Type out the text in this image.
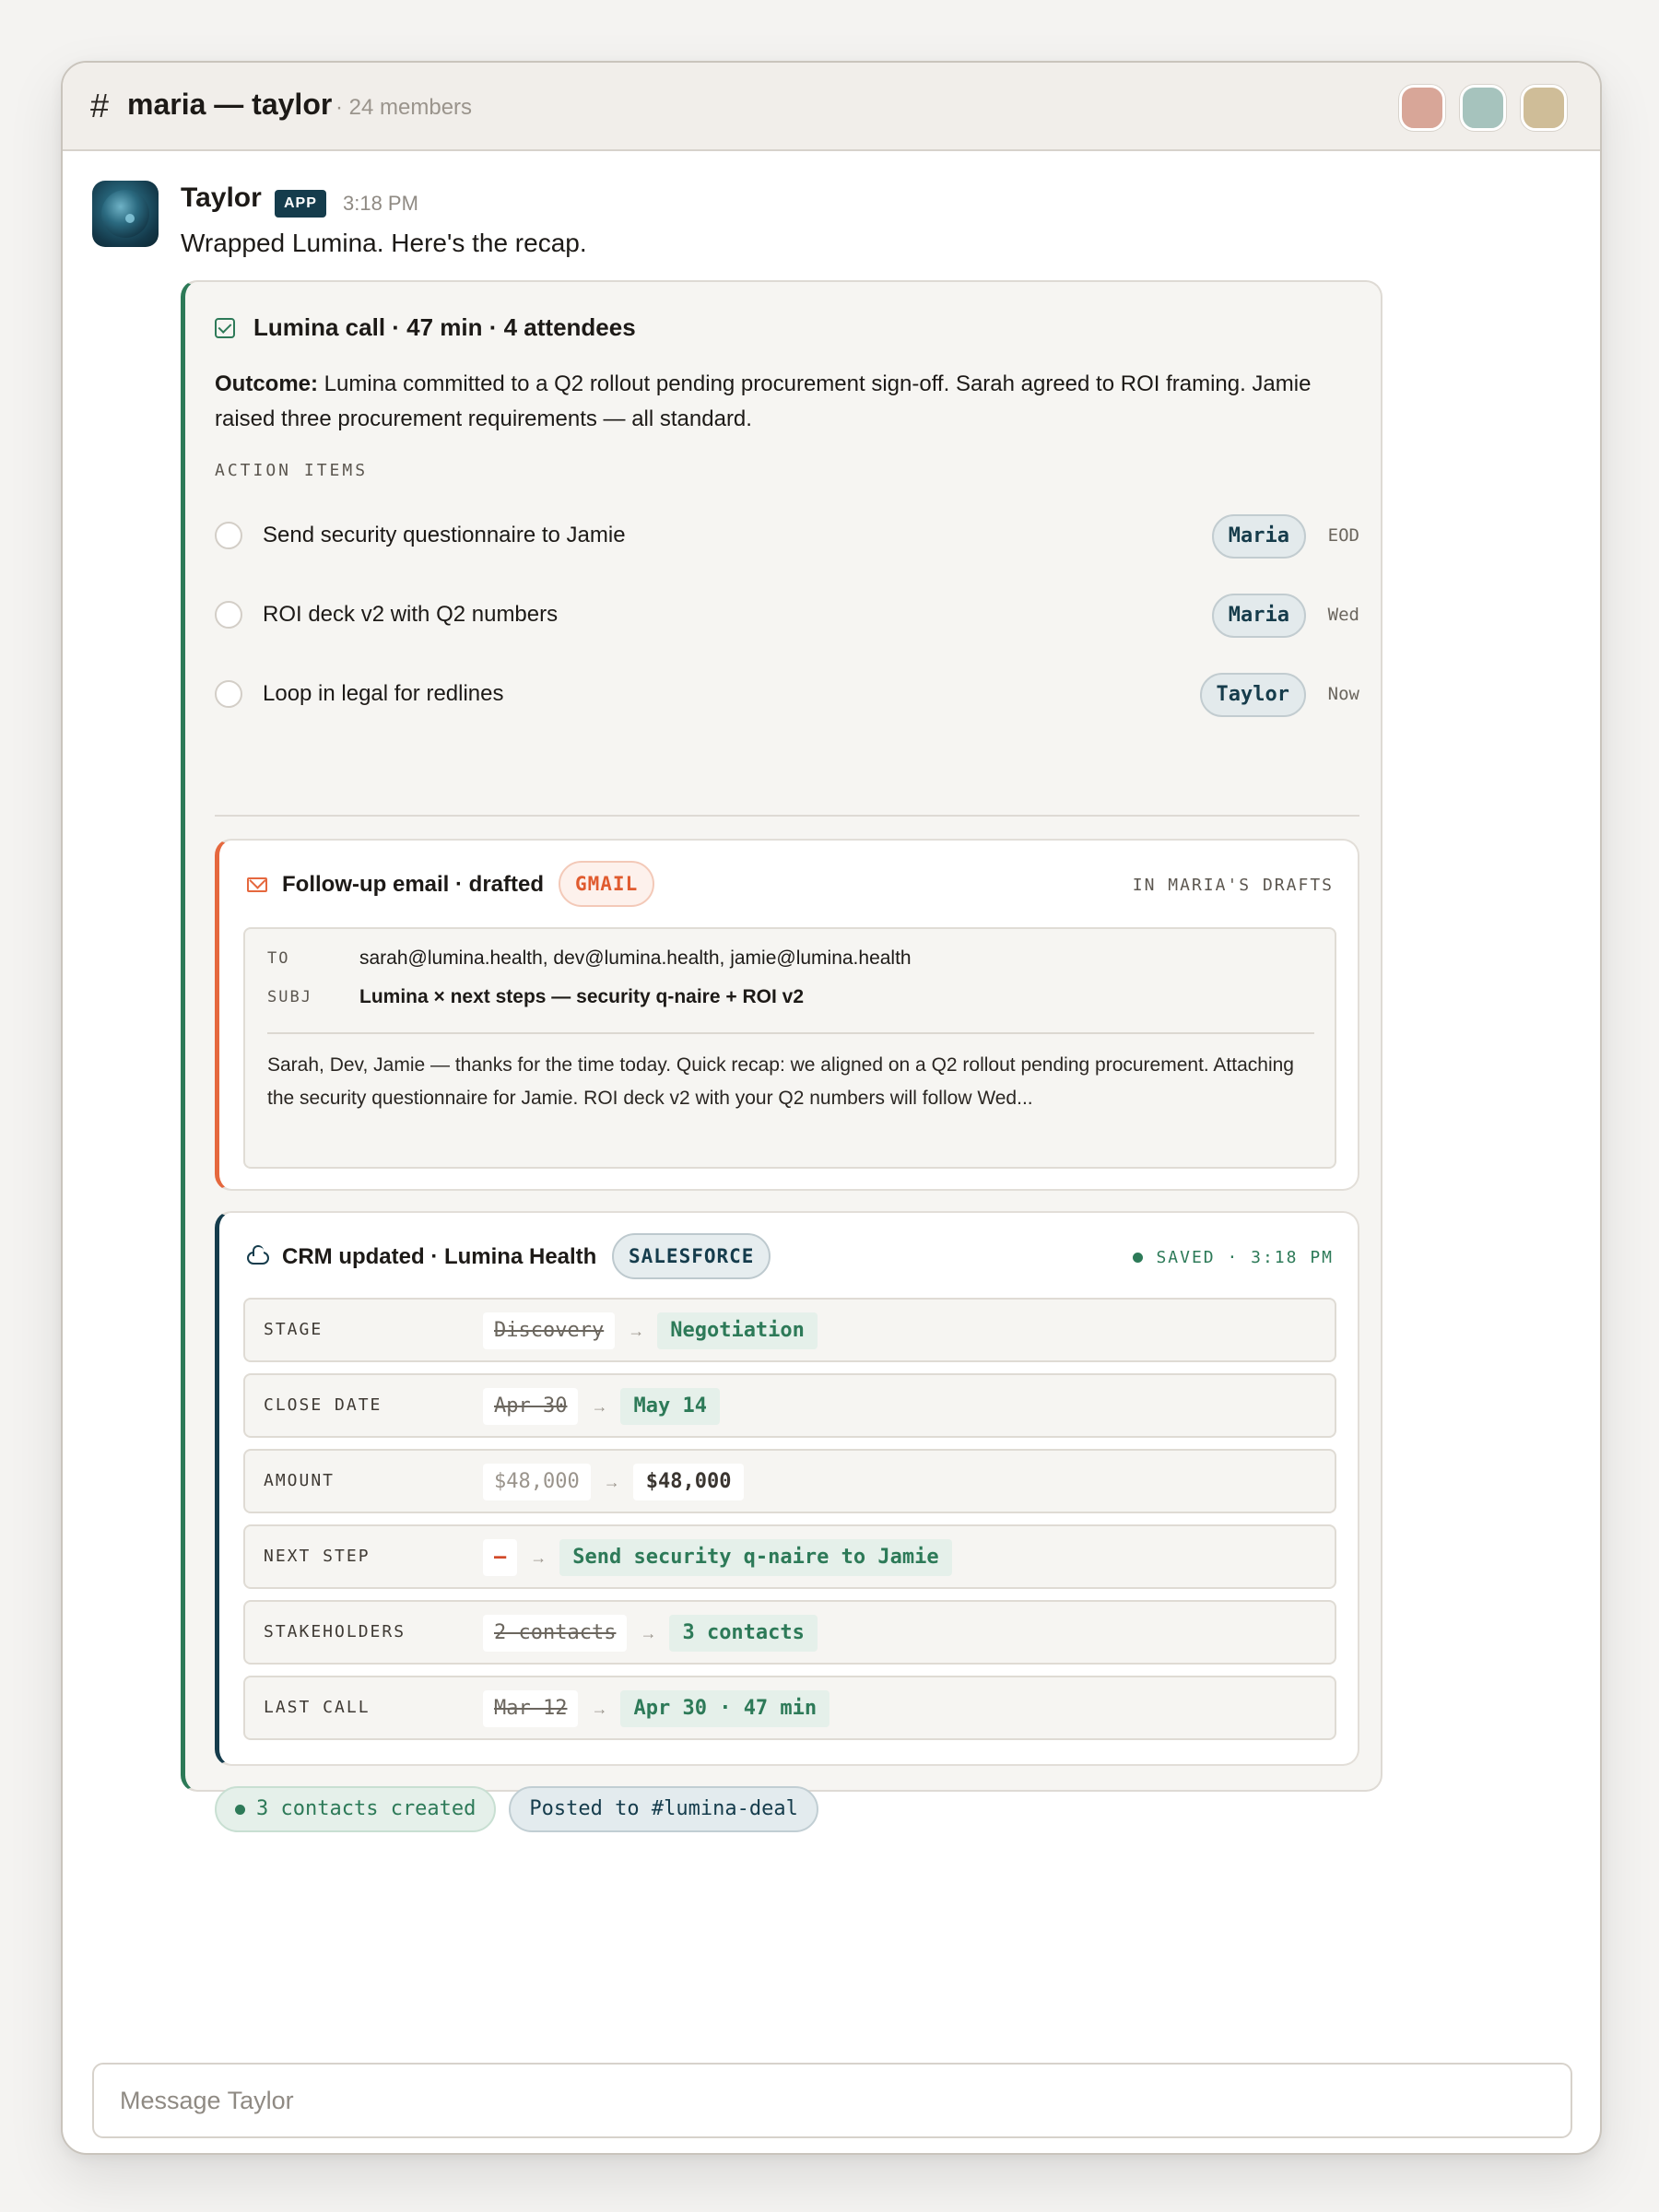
# maria — taylor · 24 members
Taylor	APP	3:18 PM
Wrapped Lumina. Here's the recap.
Lumina call · 47 min · 4 attendees
Outcome: Lumina committed to a Q2 rollout pending procurement sign-off. Sarah agreed to ROI framing. Jamie raised three procurement requirements — all standard.
ACTION ITEMS
Send security questionnaire to Jamie	Maria	EOD
ROI deck v2 with Q2 numbers	Maria	Wed
Loop in legal for redlines	Taylor	Now
Follow-up email · drafted	GMAIL	IN MARIA'S DRAFTS
TO	sarah@lumina.health, dev@lumina.health, jamie@lumina.health
SUBJ Lumina × next steps — security q-naire + ROI v2
Sarah, Dev, Jamie — thanks for the time today. Quick recap: we aligned on a Q2 rollout pending procurement. Attaching the security questionnaire for Jamie. ROI deck v2 with your Q2 numbers will follow Wed...
CRM updated · Lumina Health	SALESFORCE	SAVED · 3:18 PM
STAGE	Discovery	→	Negotiation
CLOSE DATE	Apr 30	→	May 14
AMOUNT	$48,000	→	$48,000
NEXT STEP	—	→	Send security q-naire to Jamie
STAKEHOLDERS	2 contacts	→	3 contacts
LAST CALL	Mar 12	→	Apr 30 · 47 min
3 contacts created	Posted to #lumina-deal
Message Taylor
